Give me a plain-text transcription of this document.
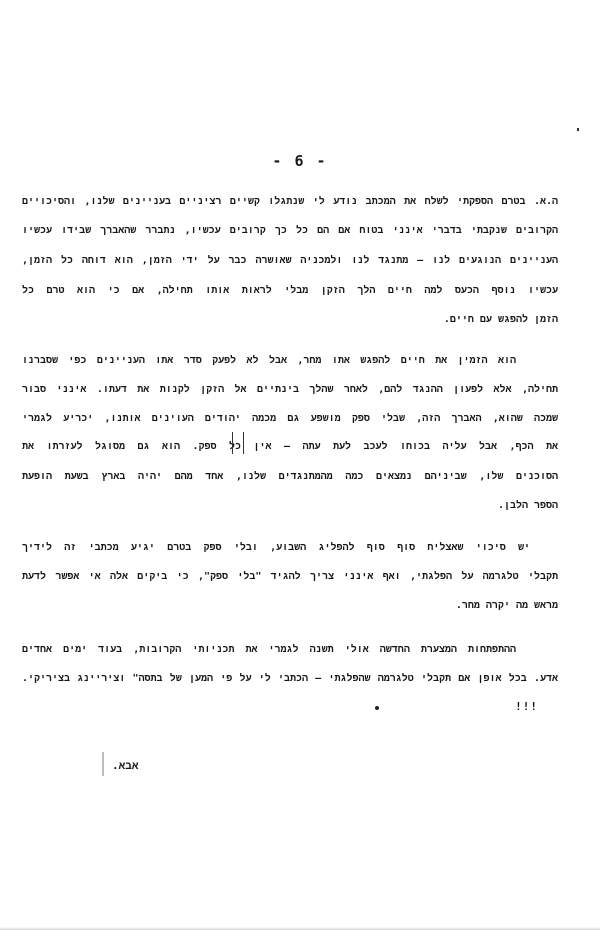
- 6 -
ה.א. בטרם הספקתי לשלח את המכתב נודע לי שנתגלו קשיים רציניים בעניינים שלנו, והסיכויים
הקרובים שנקבתי בדברי אינני בטוח אם הם כל כך קרובים עכשיו, נתברר שהאברך שבידו עכשיו
העניינים הנוגעים לנו – מתנגד לנו ולמכניה שאושרה כבר על ידי הזמן, הוא דוחה כל הזמן,
עכשיו נוסף הכעס למה חיים הלך הזקן מבלי לראות אותו תחילה, אם כי הוא טרם כל
הזמן להפגש עם חיים.
הוא הזמין את חיים להפגש אתו מחר, אבל לא לפעק סדר אתו העניינים כפי שסברנו
תחילה, אלא לפעון ההנגד להם, לאחר שהלך בינתיים אל הזקן לקנות את דעתו. אינני סבור
שמכה שהוא, האברך הזה, שבלי ספק מושפע גם מכמה יהודים העוינים אותנו, יכריע לגמרי
את הכף, אבל עליה בכוחו לעכב לעת עתה – אין כל ספק. הוא גם מסוגל לעזרתו את
הסוכנים שלו, שביניהם נמצאים כמה מהמתנגדים שלנו, אחד מהם יהיה בארץ בשעת הופעת
הספר הלבן.
יש סיכוי שאצליח סוף סוף להפליג השבוע, ובלי ספק בטרם יגיע מכתבי זה לידיך
תקבלי טלגרמה על הפלגתי, ואף אינני צריך להגיד "בלי ספק", כי ביקים אלה אי אפשר לדעת
מראש מה יקרה מחר.
ההתפתחות המצערת החדשה אולי תשנה לגמרי את תכניותי הקרובות, בעוד ימים אחדים
אדע. בכל אופן אם תקבלי טלגרמה שהפלגתי – הכתבי לי על פי המען של בתסה" וציריינג בציריקי.
!!!
אבא.
